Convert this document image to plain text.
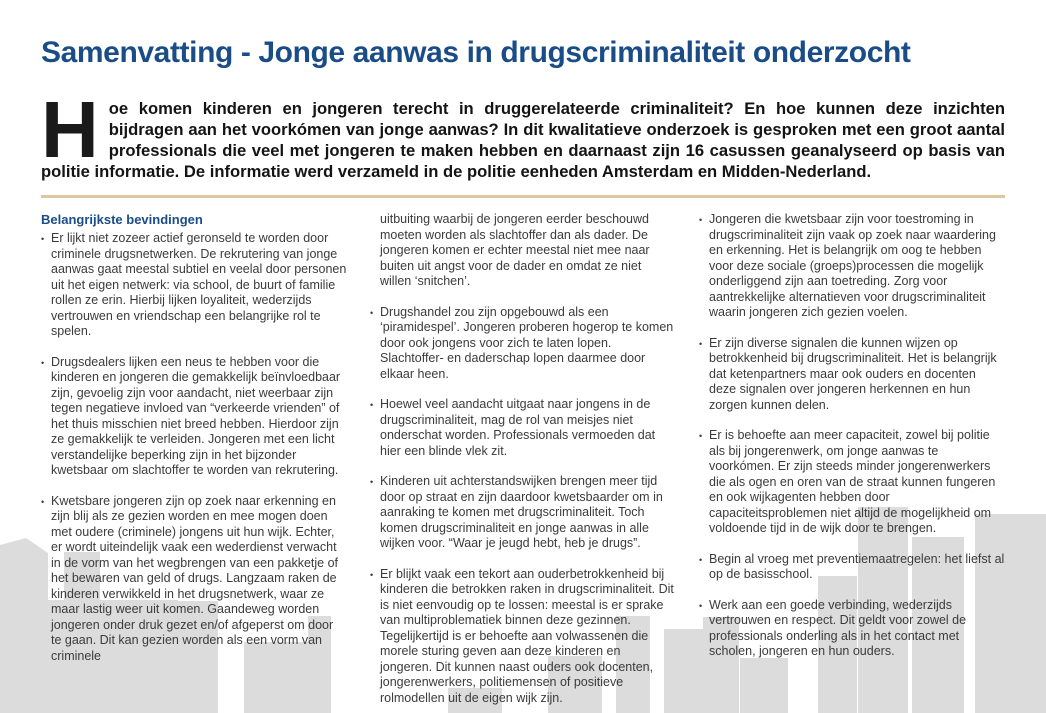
Samenvatting - Jonge aanwas in drugscriminaliteit onderzocht
Hoe komen kinderen en jongeren terecht in druggerelateerde criminaliteit? En hoe kunnen deze inzichten bijdragen aan het voorkómen van jonge aanwas? In dit kwalitatieve onderzoek is gesproken met een groot aantal professionals die veel met jongeren te maken hebben en daarnaast zijn 16 casussen geanalyseerd op basis van politie informatie. De informatie werd verzameld in de politie eenheden Amsterdam en Midden-Nederland.
Belangrijkste bevindingen
• Er lijkt niet zozeer actief geronseld te worden door criminele drugsnetwerken. De rekrutering van jonge aanwas gaat meestal subtiel en veelal door personen uit het eigen netwerk: via school, de buurt of familie rollen ze erin. Hierbij lijken loyaliteit, wederzijds vertrouwen en vriendschap een belangrijke rol te spelen.
• Drugsdealers lijken een neus te hebben voor die kinderen en jongeren die gemakkelijk beïnvloedbaar zijn, gevoelig zijn voor aandacht, niet weerbaar zijn tegen negatieve invloed van “verkeerde vrienden” of het thuis misschien niet breed hebben. Hierdoor zijn ze gemakkelijk te verleiden. Jongeren met een licht verstandelijke beperking zijn in het bijzonder kwetsbaar om slachtoffer te worden van rekrutering.
• Kwetsbare jongeren zijn op zoek naar erkenning en zijn blij als ze gezien worden en mee mogen doen met oudere (criminele) jongens uit hun wijk. Echter, er wordt uiteindelijk vaak een wederdienst verwacht in de vorm van het wegbrengen van een pakketje of het bewaren van geld of drugs. Langzaam raken de kinderen verwikkeld in het drugsnetwerk, waar ze maar lastig weer uit komen. Gaandeweg worden jongeren onder druk gezet en/of afgeperst om door te gaan. Dit kan gezien worden als een vorm van criminele
uitbuiting waarbij de jongeren eerder beschouwd moeten worden als slachtoffer dan als dader. De jongeren komen er echter meestal niet mee naar buiten uit angst voor de dader en omdat ze niet willen ‘snitchen’.
• Drugshandel zou zijn opgebouwd als een ‘piramidespel’. Jongeren proberen hogerop te komen door ook jongens voor zich te laten lopen. Slachtoffer- en daderschap lopen daarmee door elkaar heen.
• Hoewel veel aandacht uitgaat naar jongens in de drugscriminaliteit, mag de rol van meisjes niet onderschat worden. Professionals vermoeden dat hier een blinde vlek zit.
• Kinderen uit achterstandswijken brengen meer tijd door op straat en zijn daardoor kwetsbaarder om in aanraking te komen met drugscriminaliteit. Toch komen drugscriminaliteit en jonge aanwas in alle wijken voor. “Waar je jeugd hebt, heb je drugs”.
• Er blijkt vaak een tekort aan ouderbetrokkenheid bij kinderen die betrokken raken in drugscriminaliteit. Dit is niet eenvoudig op te lossen: meestal is er sprake van multiproblematiek binnen deze gezinnen. Tegelijkertijd is er behoefte aan volwassenen die morele sturing geven aan deze kinderen en jongeren. Dit kunnen naast ouders ook docenten, jongerenwerkers, politiemensen of positieve rolmodellen uit de eigen wijk zijn.
• Jongeren die kwetsbaar zijn voor toestroming in drugscriminaliteit zijn vaak op zoek naar waardering en erkenning. Het is belangrijk om oog te hebben voor deze sociale (groeps)processen die mogelijk onderliggend zijn aan toetreding. Zorg voor aantrekkelijke alternatieven voor drugscriminaliteit waarin jongeren zich gezien voelen.
• Er zijn diverse signalen die kunnen wijzen op betrokkenheid bij drugscriminaliteit. Het is belangrijk dat ketenpartners maar ook ouders en docenten deze signalen over jongeren herkennen en hun zorgen kunnen delen.
• Er is behoefte aan meer capaciteit, zowel bij politie als bij jongerenwerk, om jonge aanwas te voorkómen. Er zijn steeds minder jongerenwerkers die als ogen en oren van de straat kunnen fungeren en ook wijkagenten hebben door capaciteitsproblemen niet altijd de mogelijkheid om voldoende tijd in de wijk door te brengen.
• Begin al vroeg met preventiemaatregelen: het liefst al op de basisschool.
• Werk aan een goede verbinding, wederzijds vertrouwen en respect. Dit geldt voor zowel de professionals onderling als in het contact met scholen, jongeren en hun ouders.
